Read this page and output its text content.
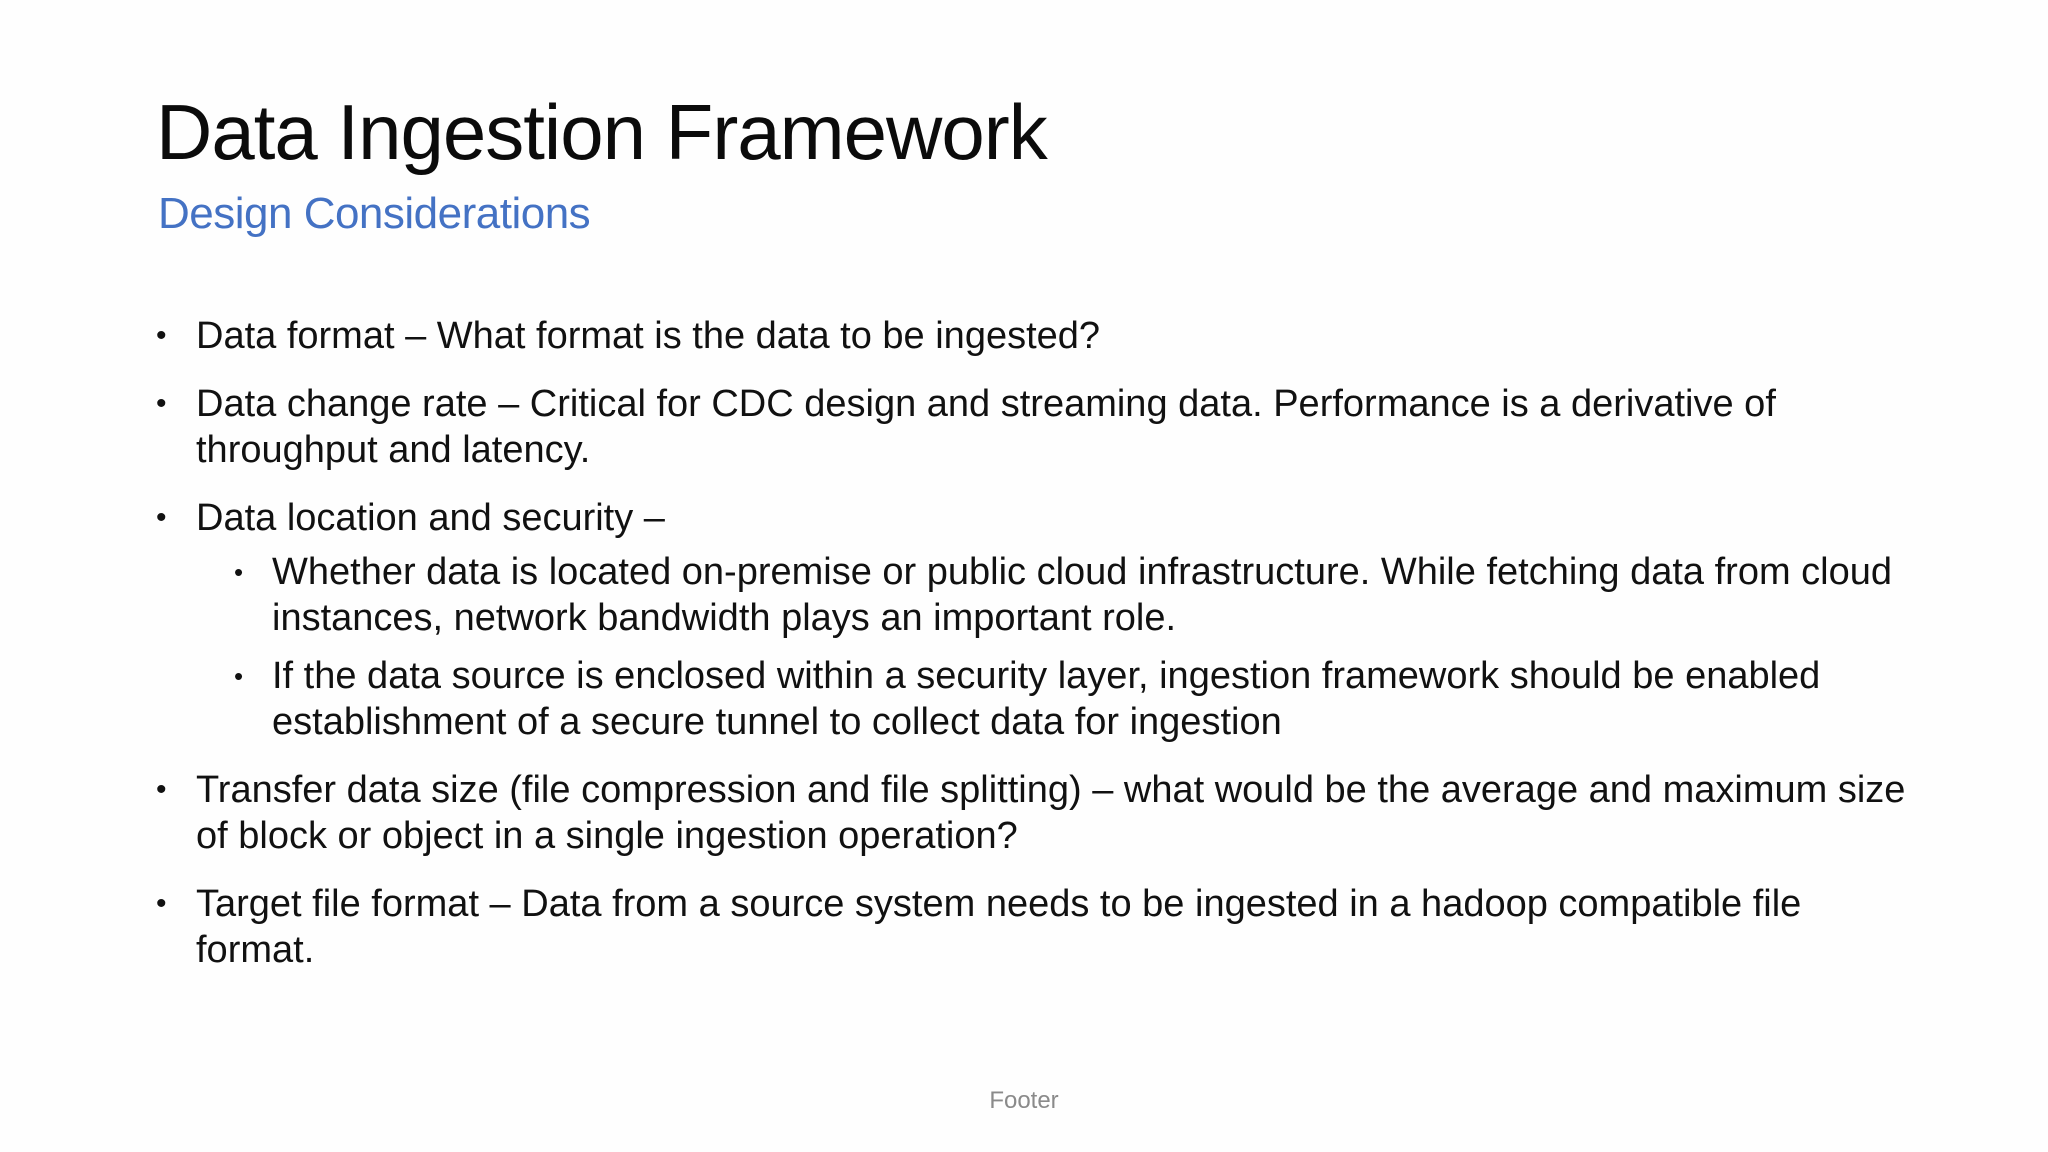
Data Ingestion Framework
Design Considerations
• Data format – What format is the data to be ingested?
• Data change rate – Critical for CDC design and streaming data. Performance is a derivative of throughput and latency.
• Data location and security –
• Whether data is located on-premise or public cloud infrastructure. While fetching data from cloud instances, network bandwidth plays an important role.
• If the data source is enclosed within a security layer, ingestion framework should be enabled establishment of a secure tunnel to collect data for ingestion
• Transfer data size (file compression and file splitting) – what would be the average and maximum size of block or object in a single ingestion operation?
• Target file format – Data from a source system needs to be ingested in a hadoop compatible file format.
Footer
